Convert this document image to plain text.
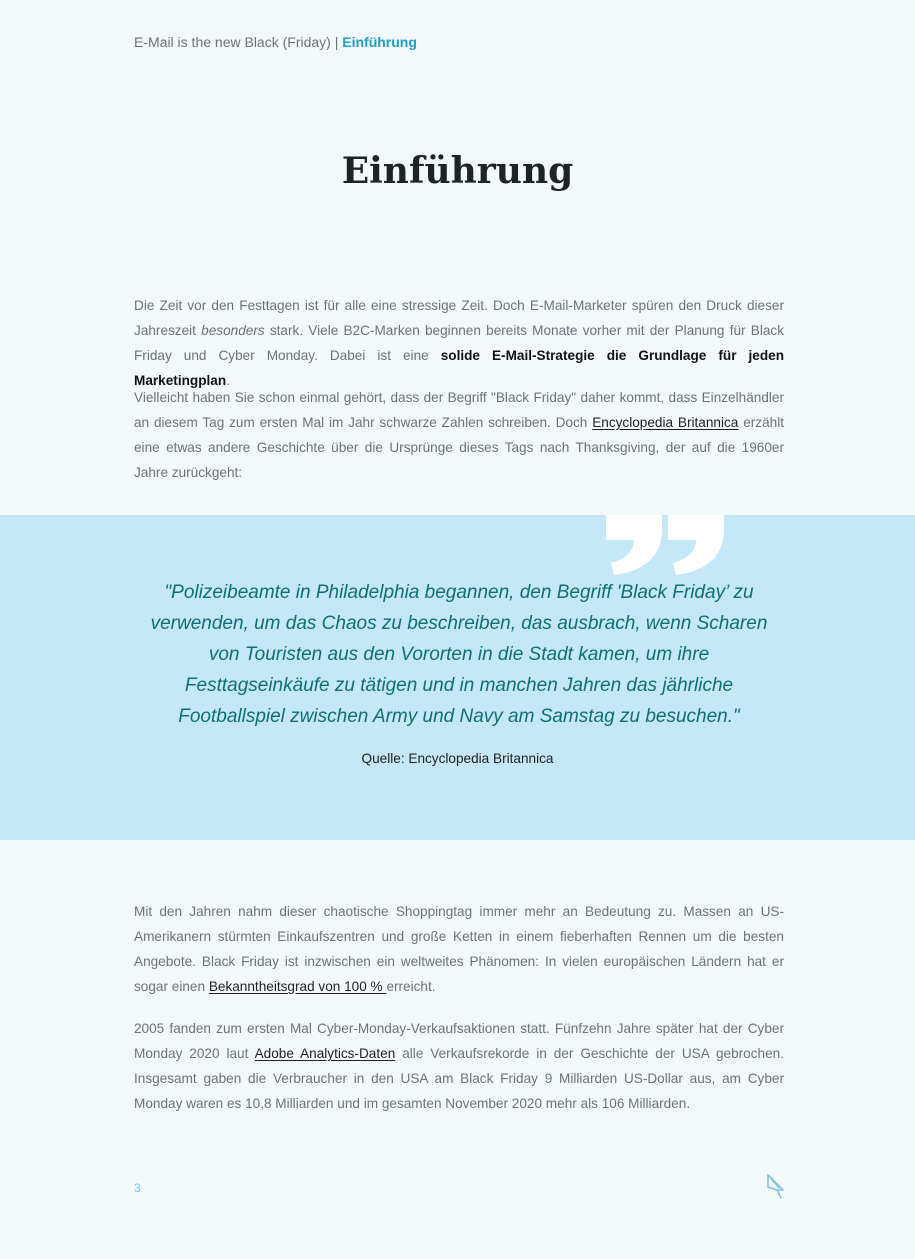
E-Mail is the new Black (Friday) | Einführung
Einführung

Die Zeit vor den Festtagen ist für alle eine stressige Zeit. Doch E-Mail-Marketer spüren den Druck dieser Jahreszeit besonders stark. Viele B2C-Marken beginnen bereits Monate vorher mit der Planung für Black Friday und Cyber Monday. Dabei ist eine solide E-Mail-Strategie die Grundlage für jeden Marketingplan.

Vielleicht haben Sie schon einmal gehört, dass der Begriff "Black Friday" daher kommt, dass Einzelhändler an diesem Tag zum ersten Mal im Jahr schwarze Zahlen schreiben. Doch Encyclopedia Britannica erzählt eine etwas andere Geschichte über die Ursprünge dieses Tags nach Thanksgiving, der auf die 1960er Jahre zurückgeht:

"Polizeibeamte in Philadelphia begannen, den Begriff 'Black Friday’ zu verwenden, um das Chaos zu beschreiben, das ausbrach, wenn Scharen von Touristen aus den Vororten in die Stadt kamen, um ihre Festtagseinkäufe zu tätigen und in manchen Jahren das jährliche Footballspiel zwischen Army und Navy am Samstag zu besuchen."

Quelle: Encyclopedia Britannica

Mit den Jahren nahm dieser chaotische Shoppingtag immer mehr an Bedeutung zu. Massen an US-Amerikanern stürmten Einkaufszentren und große Ketten in einem fieberhaften Rennen um die besten Angebote. Black Friday ist inzwischen ein weltweites Phänomen: In vielen europäischen Ländern hat er sogar einen Bekanntheitsgrad von 100 % erreicht.

2005 fanden zum ersten Mal Cyber-Monday-Verkaufsaktionen statt. Fünfzehn Jahre später hat der Cyber Monday 2020 laut Adobe Analytics-Daten alle Verkaufsrekorde in der Geschichte der USA gebrochen. Insgesamt gaben die Verbraucher in den USA am Black Friday 9 Milliarden US-Dollar aus, am Cyber Monday waren es 10,8 Milliarden und im gesamten November 2020 mehr als 106 Milliarden.

3
